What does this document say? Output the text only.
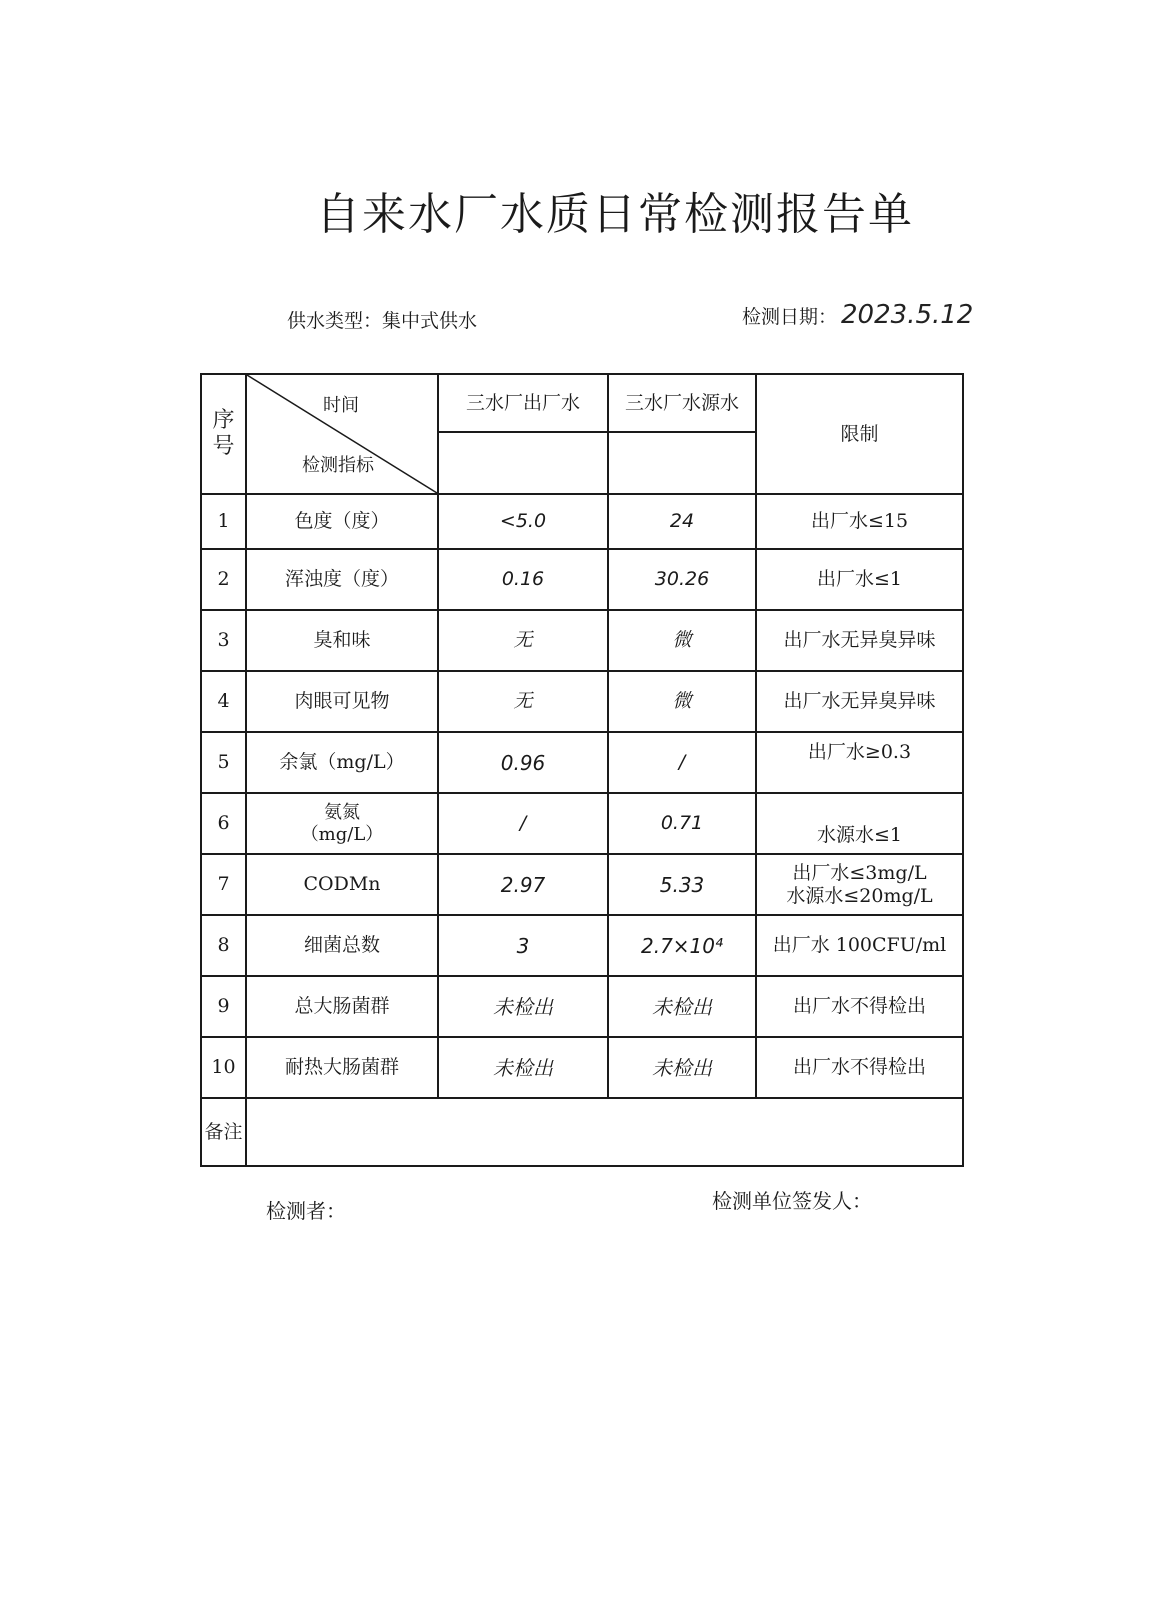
自来水厂水质日常检测报告单
供水类型：集中式供水	检测日期： 2023.5.12
序号	时间
检测指标	三水厂出厂水	三水厂水源水	限制

1	色度（度）	<5.0	24	出厂水≤15
2	浑浊度（度）	0.16	30.26	出厂水≤1
3	臭和味	无	微	出厂水无异臭异味
4	肉眼可见物	无	微	出厂水无异臭异味
5	余氯（mg/L）	0.96	/	出厂水≥0.3
6	氨氮
（mg/L）	/	0.71	水源水≤1
7	CODMn	2.97	5.33	出厂水≤3mg/L
水源水≤20mg/L

8	细菌总数	3	2.7×10⁴	出厂水 100CFU/ml
9	总大肠菌群	未检出	未检出	出厂水不得检出
10	耐热大肠菌群	未检出	未检出	出厂水不得检出
备注				
检测者：	检测单位签发人：
